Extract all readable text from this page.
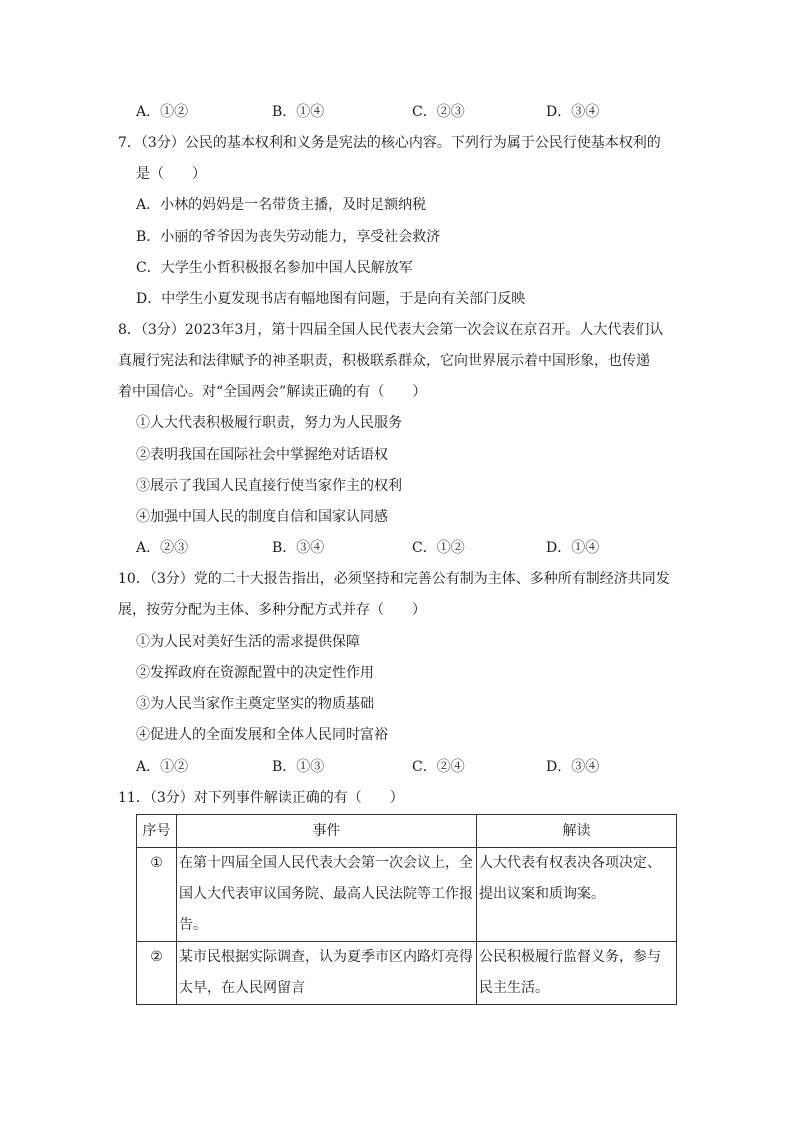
A．①②	B．①④	C．②③	D．③④
7．（3分）公民的基本权利和义务是宪法的核心内容。下列行为属于公民行使基本权利的
是（　　）
A．小林的妈妈是一名带货主播，及时足额纳税
B．小丽的爷爷因为丧失劳动能力，享受社会救济
C．大学生小哲积极报名参加中国人民解放军
D．中学生小夏发现书店有幅地图有问题，于是向有关部门反映
8．（3分）2023年3月，第十四届全国人民代表大会第一次会议在京召开。人大代表们认
真履行宪法和法律赋予的神圣职责，积极联系群众，它向世界展示着中国形象，也传递
着中国信心。对“全国两会”解读正确的有（　　）
①人大代表积极履行职责，努力为人民服务
②表明我国在国际社会中掌握绝对话语权
③展示了我国人民直接行使当家作主的权利
④加强中国人民的制度自信和国家认同感
A．②③	B．③④	C．①②	D．①④
10．（3分）党的二十大报告指出，必须坚持和完善公有制为主体、多种所有制经济共同发
展，按劳分配为主体、多种分配方式并存（　　）
①为人民对美好生活的需求提供保障
②发挥政府在资源配置中的决定性作用
③为人民当家作主奠定坚实的物质基础
④促进人的全面发展和全体人民同时富裕
A．①②	B．①③	C．②④	D．③④
11．（3分）对下列事件解读正确的有（　　）
序号	事件	解读
①	在第十四届全国人民代表大会第一次会议上，全国人大代表审议国务院、最高人民法院等工作报告。	人大代表有权表决各项决定、提出议案和质询案。
②	某市民根据实际调查，认为夏季市区内路灯亮得太早，在人民网留言	公民积极履行监督义务，参与民主生活。
